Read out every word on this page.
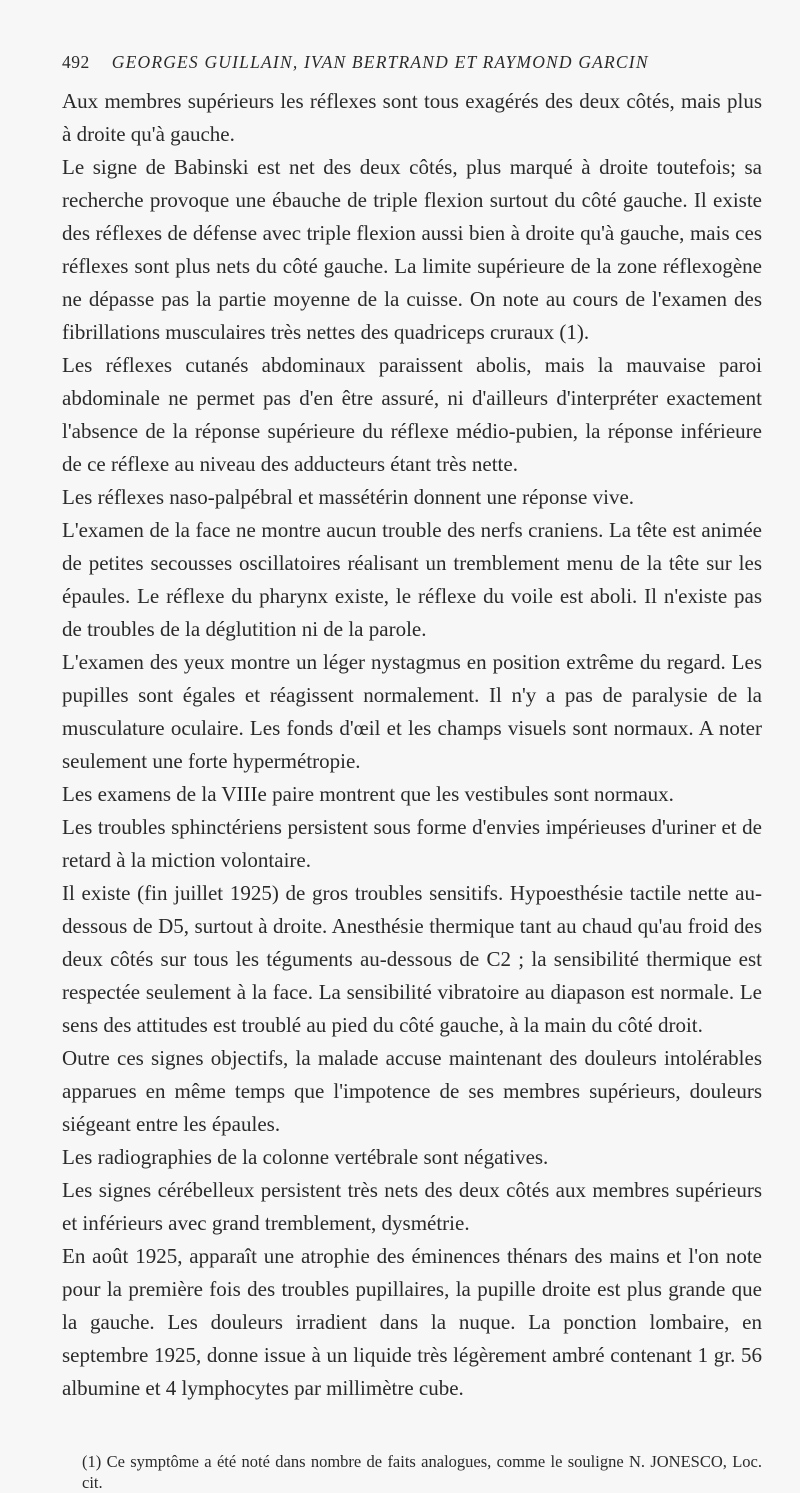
492 GEORGES GUILLAIN, IVAN BERTRAND ET RAYMOND GARCIN

Aux membres supérieurs les réflexes sont tous exagérés des deux côtés, mais plus à droite qu'à gauche.

Le signe de Babinski est net des deux côtés, plus marqué à droite toutefois; sa recherche provoque une ébauche de triple flexion surtout du côté gauche. Il existe des réflexes de défense avec triple flexion aussi bien à droite qu'à gauche, mais ces réflexes sont plus nets du côté gauche. La limite supérieure de la zone réflexogène ne dépasse pas la partie moyenne de la cuisse. On note au cours de l'examen des fibrillations musculaires très nettes des quadriceps cruraux (1).

Les réflexes cutanés abdominaux paraissent abolis, mais la mauvaise paroi abdominale ne permet pas d'en être assuré, ni d'ailleurs d'interpréter exactement l'absence de la réponse supérieure du réflexe médio-pubien, la réponse inférieure de ce réflexe au niveau des adducteurs étant très nette.

Les réflexes naso-palpébral et massétérin donnent une réponse vive.

L'examen de la face ne montre aucun trouble des nerfs craniens. La tête est animée de petites secousses oscillatoires réalisant un tremblement menu de la tête sur les épaules. Le réflexe du pharynx existe, le réflexe du voile est aboli. Il n'existe pas de troubles de la déglutition ni de la parole.

L'examen des yeux montre un léger nystagmus en position extrême du regard. Les pupilles sont égales et réagissent normalement. Il n'y a pas de paralysie de la musculature oculaire. Les fonds d'œil et les champs visuels sont normaux. A noter seulement une forte hypermétropie.

Les examens de la VIIIe paire montrent que les vestibules sont normaux.

Les troubles sphinctériens persistent sous forme d'envies impérieuses d'uriner et de retard à la miction volontaire.

Il existe (fin juillet 1925) de gros troubles sensitifs. Hypoesthésie tactile nette au-dessous de D5, surtout à droite. Anesthésie thermique tant au chaud qu'au froid des deux côtés sur tous les téguments au-dessous de C2 ; la sensibilité thermique est respectée seulement à la face. La sensibilité vibratoire au diapason est normale. Le sens des attitudes est troublé au pied du côté gauche, à la main du côté droit.

Outre ces signes objectifs, la malade accuse maintenant des douleurs intolérables apparues en même temps que l'impotence de ses membres supérieurs, douleurs siégeant entre les épaules.

Les radiographies de la colonne vertébrale sont négatives.

Les signes cérébelleux persistent très nets des deux côtés aux membres supérieurs et inférieurs avec grand tremblement, dysmétrie.

En août 1925, apparaît une atrophie des éminences thénars des mains et l'on note pour la première fois des troubles pupillaires, la pupille droite est plus grande que la gauche. Les douleurs irradient dans la nuque. La ponction lombaire, en septembre 1925, donne issue à un liquide très légèrement ambré contenant 1 gr. 56 albumine et 4 lymphocytes par millimètre cube.

(1) Ce symptôme a été noté dans nombre de faits analogues, comme le souligne N. JONESCO, Loc. cit.
